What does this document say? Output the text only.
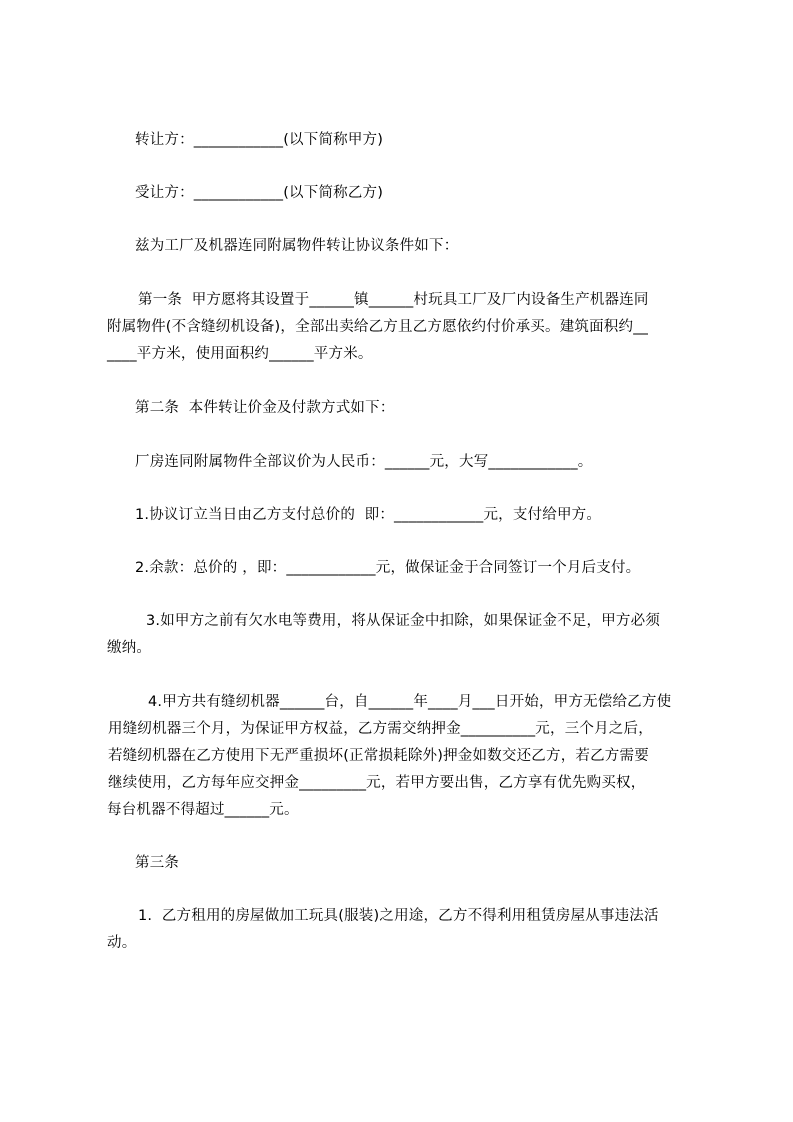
转让方：____________(以下简称甲方)
受让方：____________(以下简称乙方)
兹为工厂及机器连同附属物件转让协议条件如下：
第一条  甲方愿将其设置于______镇______村玩具工厂及厂内设备生产机器连同
附属物件(不含缝纫机设备)，全部出卖给乙方且乙方愿依约付价承买。建筑面积约__
____平方米，使用面积约______平方米。
第二条  本件转让价金及付款方式如下：
厂房连同附属物件全部议价为人民币：______元，大写____________。
1.协议订立当日由乙方支付总价的  即：____________元，支付给甲方。
2.余款：总价的 ，即：____________元，做保证金于合同签订一个月后支付。
3.如甲方之前有欠水电等费用，将从保证金中扣除，如果保证金不足，甲方必须
缴纳。
4.甲方共有缝纫机器______台，自______年____月___日开始，甲方无偿给乙方使
用缝纫机器三个月，为保证甲方权益，乙方需交纳押金__________元，三个月之后，
若缝纫机器在乙方使用下无严重损坏(正常损耗除外)押金如数交还乙方，若乙方需要
继续使用，乙方每年应交押金_________元，若甲方要出售，乙方享有优先购买权，
每台机器不得超过______元。
第三条
1.  乙方租用的房屋做加工玩具(服装)之用途，乙方不得利用租赁房屋从事违法活
动。
